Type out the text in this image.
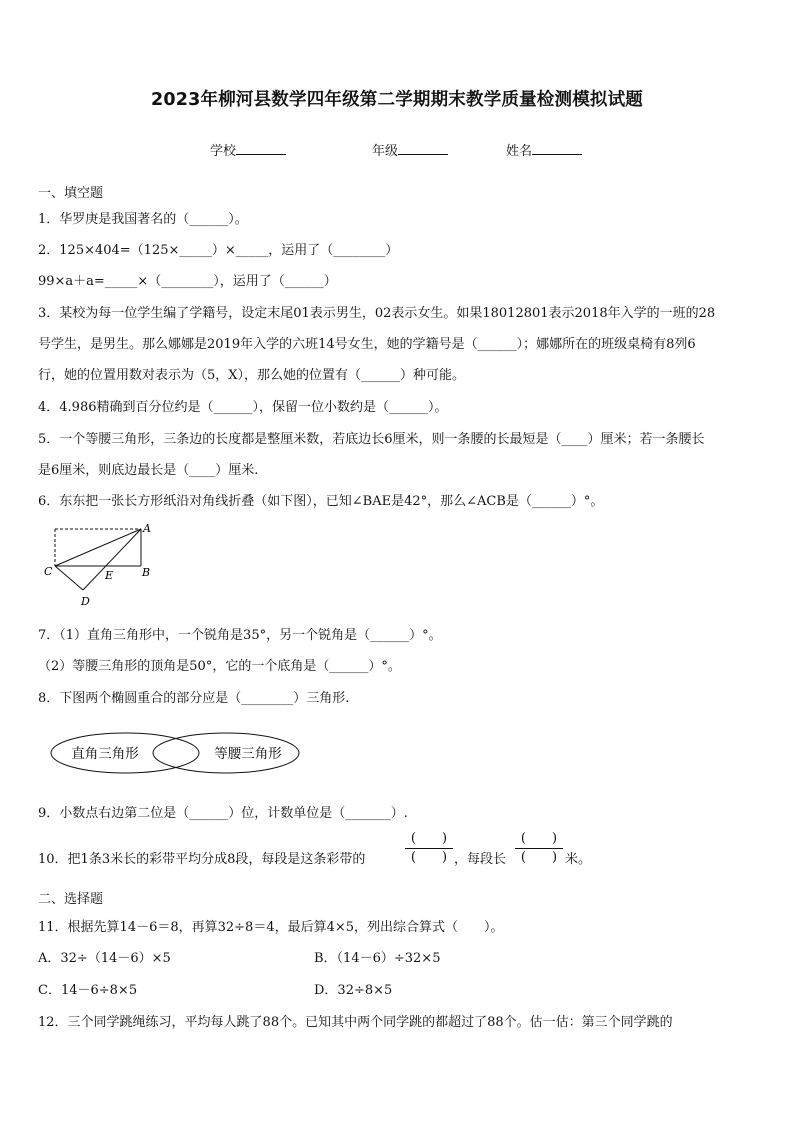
2023年柳河县数学四年级第二学期期末教学质量检测模拟试题
学校	年级	姓名
一、填空题
1．华罗庚是我国著名的（______）。
2．125×404=（125×_____）×_____，运用了（________）
99×a＋a=_____×（________），运用了（______）
3．某校为每一位学生编了学籍号，设定末尾01表示男生，02表示女生。如果18012801表示2018年入学的一班的28
号学生，是男生。那么娜娜是2019年入学的六班14号女生，她的学籍号是（______）；娜娜所在的班级桌椅有8列6
行，她的位置用数对表示为（5，X），那么她的位置有（______）种可能。
4．4.986精确到百分位约是（______），保留一位小数约是（______）。
5．一个等腰三角形，三条边的长度都是整厘米数，若底边长6厘米，则一条腰的长最短是（____）厘米；若一条腰长
是6厘米，则底边最长是（____）厘米.
6．东东把一张长方形纸沿对角线折叠（如下图），已知∠BAE是42°，那么∠ACB是（______）°。
A
B
C
D
E
7．（1）直角三角形中，一个锐角是35°，另一个锐角是（______）°。
（2）等腰三角形的顶角是50°，它的一个底角是（______）°。
8．下图两个椭圆重合的部分应是（________）三角形.
直角三角形	等腰三角形
9．小数点右边第二位是（______）位，计数单位是（_______）.
10．把1条3米长的彩带平均分成8段，每段是这条彩带的
(　　)
(　　) ，每段长
(　　)
(　　) 米。
二、选择题
11．根据先算14－6＝8，再算32÷8＝4，最后算4×5，列出综合算式（　　）。
A．32÷（14－6）×5	B．（14－6）÷32×5
C．14－6÷8×5	D．32÷8×5
12．三个同学跳绳练习，平均每人跳了88个。已知其中两个同学跳的都超过了88个。估一估：第三个同学跳的
